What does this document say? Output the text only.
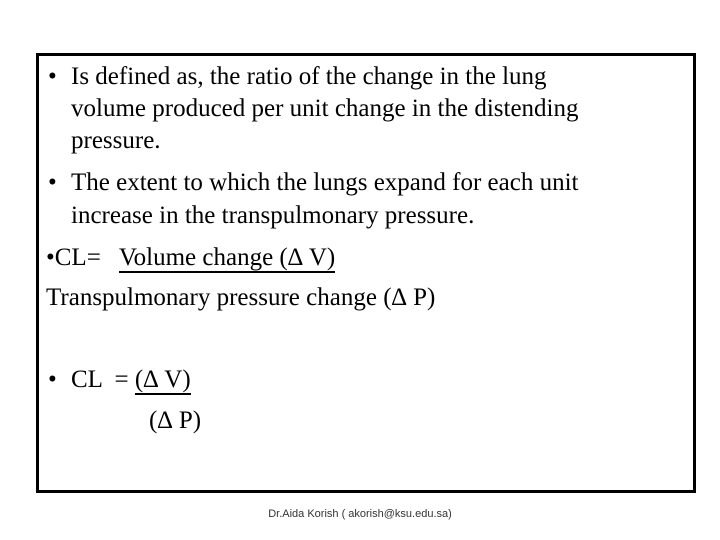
• Is defined as, the ratio of the change in the lung
volume produced per unit change in the distending
pressure.
• The extent to which the lungs expand for each unit
increase in the transpulmonary pressure.
•CL= Volume change (∆ V)
Transpulmonary pressure change (∆ P)
• CL  = (∆ V)
(∆ P)
Dr.Aida Korish ( akorish@ksu.edu.sa)
